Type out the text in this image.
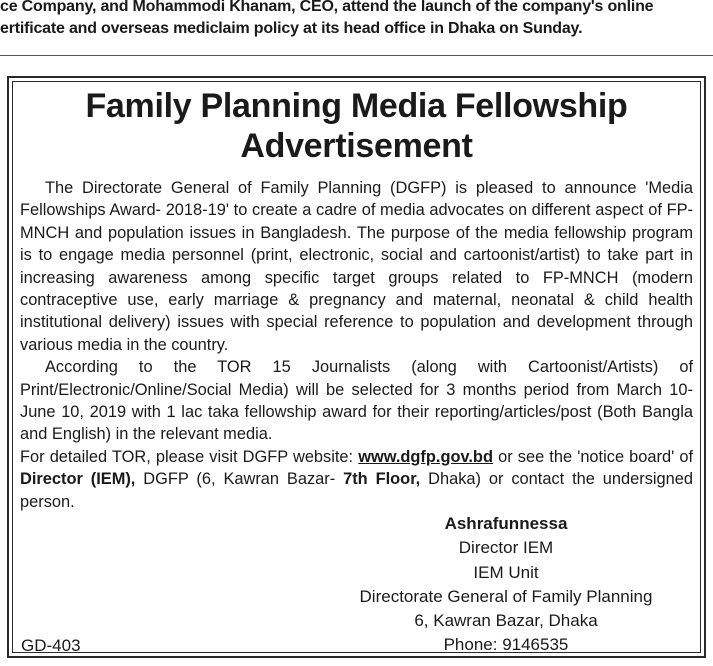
ce Company, and Mohammodi Khanam, CEO, attend the launch of the company's online
ertificate and overseas mediclaim policy at its head office in Dhaka on Sunday.
Family Planning Media Fellowship
Advertisement

The Directorate General of Family Planning (DGFP) is pleased to announce 'Media Fellowships Award- 2018-19' to create a cadre of media advocates on different aspect of FP-MNCH and population issues in Bangladesh. The purpose of the media fellowship program is to engage media personnel (print, electronic, social and cartoonist/artist) to take part in increasing awareness among specific target groups related to FP-MNCH (modern contraceptive use, early marriage & pregnancy and maternal, neonatal & child health institutional delivery) issues with special reference to population and development through various media in the country.

According to the TOR 15 Journalists (along with Cartoonist/Artists) of Print/Electronic/Online/Social Media) will be selected for 3 months period from March 10-June 10, 2019 with 1 lac taka fellowship award for their reporting/articles/post (Both Bangla and English) in the relevant media.

For detailed TOR, please visit DGFP website: www.dgfp.gov.bd or see the 'notice board' of Director (IEM), DGFP (6, Kawran Bazar- 7th Floor, Dhaka) or contact the undersigned person.

Ashrafunnessa
Director IEM
IEM Unit
Directorate General of Family Planning
6, Kawran Bazar, Dhaka
Phone: 9146535
GD-403
